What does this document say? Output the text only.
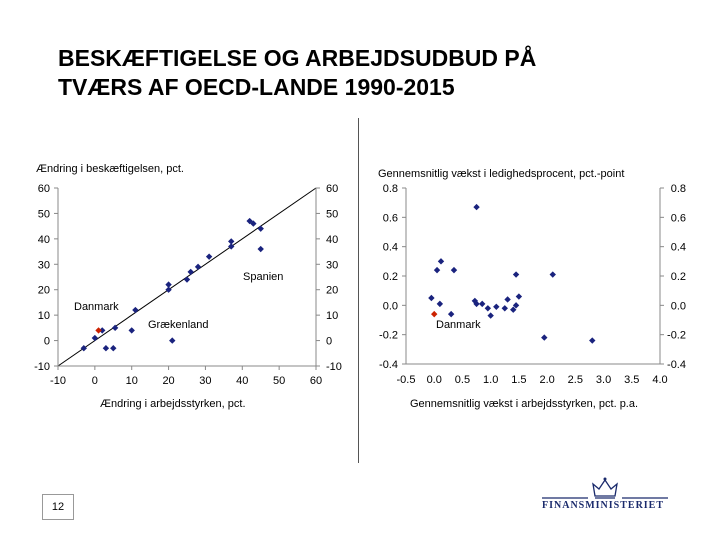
BESKÆFTIGELSE OG ARBEJDSUDBUD PÅ
TVÆRS AF OECD-LANDE 1990-2015
-10 0	10 20 30 40 50 60
60
50
40
30
20
10
0
-10
60
50
40
30
20
10
0
-10
Ændring i beskæftigelsen, pct.
Ændring i arbejdsstyrken, pct.
Spanien
Danmark
Grækenland
-0.5 0.0 0.5 1.0 1.5 2.0 2.5 3.0 3.5 4.0
0.8
0.6
0.4
0.2
0.0
-0.2
-0.4
0.8
0.6
0.4
0.2
0.0
-0.2
-0.4
Gennemsnitlig vækst i ledighedsprocent, pct.-point
Gennemsnitlig vækst i arbejdsstyrken, pct. p.a.
Danmark
12	FINANSMINISTERIET
